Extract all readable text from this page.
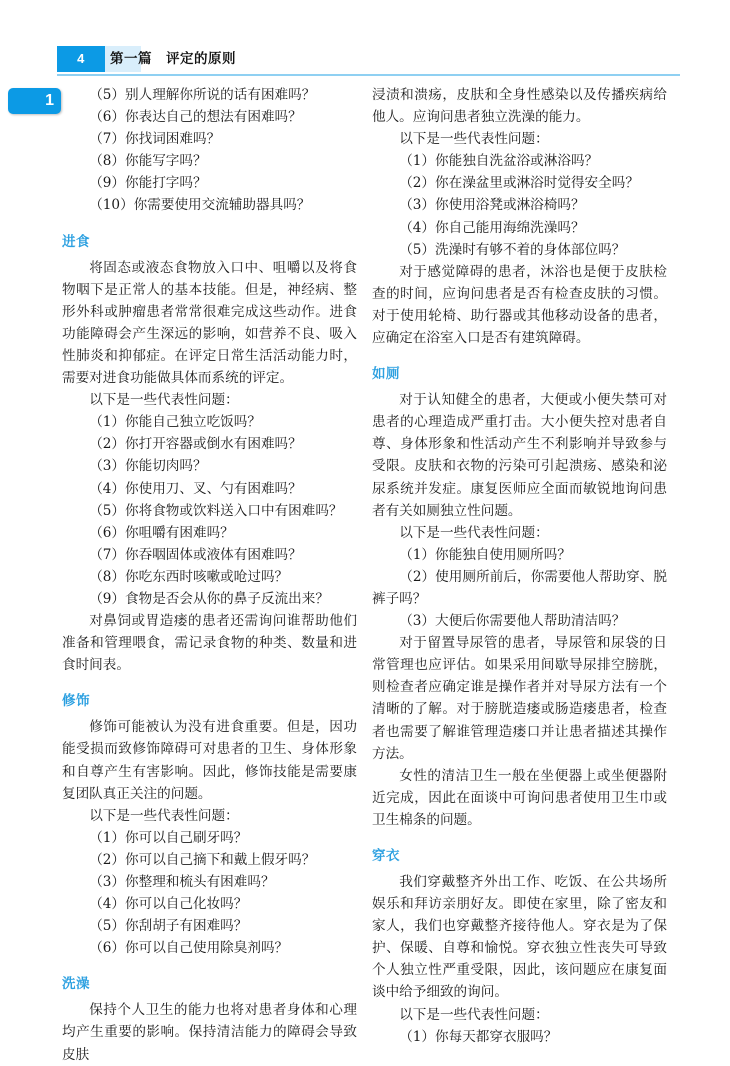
4	第一篇　评定的原则
1	（5）别人理解你所说的话有困难吗？
（6）你表达自己的想法有困难吗？
（7）你找词困难吗？
（8）你能写字吗？
（9）你能打字吗？
（10）你需要使用交流辅助器具吗？
进食

将固态或液态食物放入口中、咀嚼以及将食物咽下是正常人的基本技能。但是，神经病、整形外科或肿瘤患者常常很难完成这些动作。进食功能障碍会产生深远的影响，如营养不良、吸入性肺炎和抑郁症。在评定日常生活活动能力时，需要对进食功能做具体而系统的评定。

以下是一些代表性问题：

（1）你能自己独立吃饭吗？
（2）你打开容器或倒水有困难吗？
（3）你能切肉吗？
（4）你使用刀、叉、勺有困难吗？
（5）你将食物或饮料送入口中有困难吗？
（6）你咀嚼有困难吗？
（7）你吞咽固体或液体有困难吗？
（8）你吃东西时咳嗽或呛过吗？
（9）食物是否会从你的鼻子反流出来？

对鼻饲或胃造瘘的患者还需询问谁帮助他们准备和管理喂食，需记录食物的种类、数量和进食时间表。

修饰

修饰可能被认为没有进食重要。但是，因功能受损而致修饰障碍可对患者的卫生、身体形象和自尊产生有害影响。因此，修饰技能是需要康复团队真正关注的问题。

以下是一些代表性问题：

（1）你可以自己刷牙吗？
（2）你可以自己摘下和戴上假牙吗？
（3）你整理和梳头有困难吗？
（4）你可以自己化妆吗？
（5）你刮胡子有困难吗？
（6）你可以自己使用除臭剂吗？
洗澡

保持个人卫生的能力也将对患者身体和心理均产生重要的影响。保持清洁能力的障碍会导致皮肤

浸渍和溃疡，皮肤和全身性感染以及传播疾病给他人。应询问患者独立洗澡的能力。

以下是一些代表性问题：

（1）你能独自洗盆浴或淋浴吗？
（2）你在澡盆里或淋浴时觉得安全吗？
（3）你使用浴凳或淋浴椅吗？
（4）你自己能用海绵洗澡吗？
（5）洗澡时有够不着的身体部位吗？

对于感觉障碍的患者，沐浴也是便于皮肤检查的时间，应询问患者是否有检查皮肤的习惯。对于使用轮椅、助行器或其他移动设备的患者，应确定在浴室入口是否有建筑障碍。

如厕

对于认知健全的患者，大便或小便失禁可对患者的心理造成严重打击。大小便失控对患者自尊、身体形象和性活动产生不利影响并导致参与受限。皮肤和衣物的污染可引起溃疡、感染和泌尿系统并发症。康复医师应全面而敏锐地询问患者有关如厕独立性问题。

以下是一些代表性问题：

（1）你能独自使用厕所吗？
（2）使用厕所前后，你需要他人帮助穿、脱裤子吗？
（3）大便后你需要他人帮助清洁吗？

对于留置导尿管的患者，导尿管和尿袋的日常管理也应评估。如果采用间歇导尿排空膀胱，则检查者应确定谁是操作者并对导尿方法有一个清晰的了解。对于膀胱造瘘或肠造瘘患者，检查者也需要了解谁管理造瘘口并让患者描述其操作方法。

女性的清洁卫生一般在坐便器上或坐便器附近完成，因此在面谈中可询问患者使用卫生巾或卫生棉条的问题。

穿衣

我们穿戴整齐外出工作、吃饭、在公共场所娱乐和拜访亲朋好友。即使在家里，除了密友和家人，我们也穿戴整齐接待他人。穿衣是为了保护、保暖、自尊和愉悦。穿衣独立性丧失可导致个人独立性严重受限，因此，该问题应在康复面谈中给予细致的询问。

以下是一些代表性问题：

（1）你每天都穿衣服吗？
